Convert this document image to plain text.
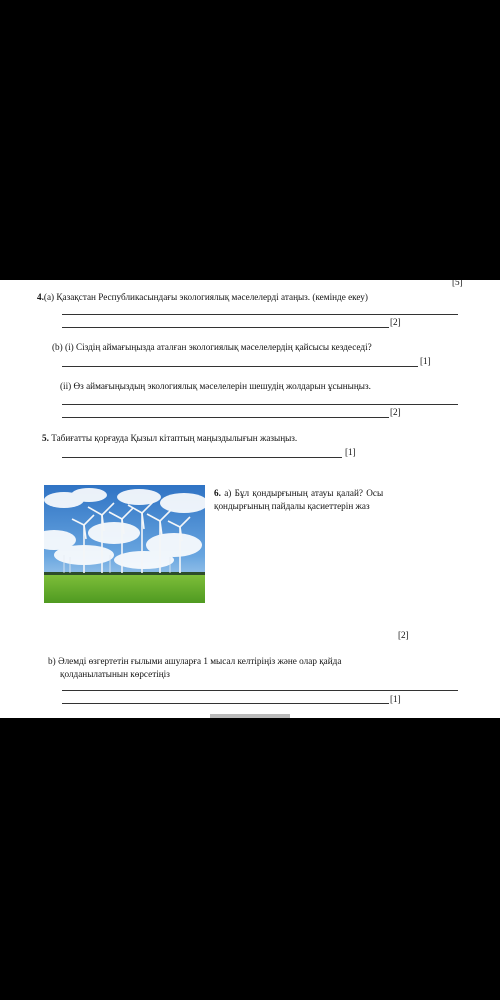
[5]
4.(a) Қазақстан Республикасындағы экологиялық мәселелерді атаңыз. (кемінде екеу)
[2]
(b) (i) Сіздің аймағыңызда аталған экологиялық мәселелердің қайсысы кездеседі?
[1]
(ii) Өз аймағыңыздың экологиялық мәселелерін шешудің жолдарын ұсыныңыз.
[2]
5. Табиғатты қорғауда Қызыл кітаптың маңыздылығын жазыңыз.
[1]
6. а) Бұл қондырғының атауы қалай? Осы
қондырғының пайдалы қасиеттерін жаз
[2]
b) Әлемді өзгертетін ғылыми ашуларға 1 мысал келтіріңіз және олар қайда
қолданылатынын көрсетіңіз
[1]
